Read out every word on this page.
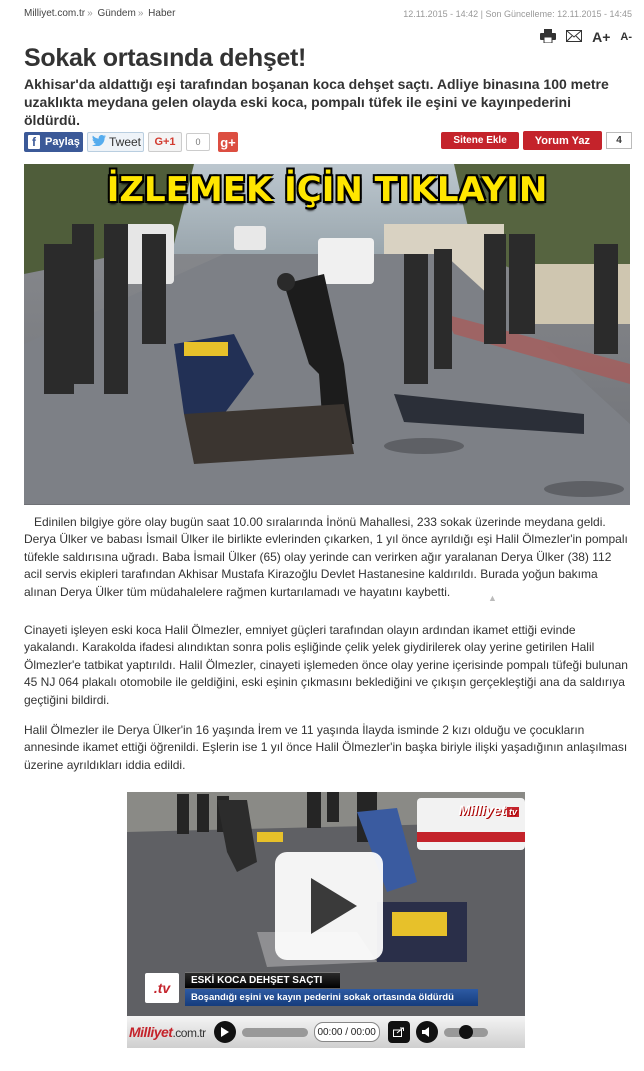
Milliyet.com.tr » Gündem » Haber	12.11.2015 - 14:42 | Son Güncelleme: 12.11.2015 - 14:45
A+ A-
Sokak ortasında dehşet!

Akhisar'da aldattığı eşi tarafından boşanan koca dehşet saçtı. Adliye binasına 100 metre uzaklıkta meydana gelen olayda eski koca, pompalı tüfek ile eşini ve kayınpederini öldürdü.

f Paylaş Tweet	G+1	0	g+	Sitene Ekle	Yorum Yaz	4
İZLEMEK İÇİN TIKLAYIN

Edinilen bilgiye göre olay bugün saat 10.00 sıralarında İnönü Mahallesi, 233 sokak üzerinde meydana geldi. Derya Ülker ve babası İsmail Ülker ile birlikte evlerinden çıkarken, 1 yıl önce ayrıldığı eşi Halil Ölmezler'in pompalı tüfekle saldırısına uğradı. Baba İsmail Ülker (65) olay yerinde can verirken ağır yaralanan Derya Ülker (38) 112 acil servis ekipleri tarafından Akhisar Mustafa Kirazoğlu Devlet Hastanesine kaldırıldı. Burada yoğun bakıma alınan Derya Ülker tüm müdahalelere rağmen kurtarılamadı ve hayatını kaybetti.	▲

Cinayeti işleyen eski koca Halil Ölmezler, emniyet güçleri tarafından olayın ardından ikamet ettiği evinde yakalandı. Karakolda ifadesi alındıktan sonra polis eşliğinde çelik yelek giydirilerek olay yerine getirilen Halil Ölmezler'e tatbikat yaptırıldı. Halil Ölmezler, cinayeti işlemeden önce olay yerine içerisinde pompalı tüfeği bulunan 45 NJ 064 plakalı otomobile ile geldiğini, eski eşinin çıkmasını beklediğini ve çıkışın gerçekleştiği ana da saldırıya geçtiğini bildirdi.

Halil Ölmezler ile Derya Ülker'in 16 yaşında İrem ve 11 yaşında İlayda isminde 2 kızı olduğu ve çocukların annesinde ikamet ettiği öğrenildi. Eşlerin ise 1 yıl önce Halil Ölmezler'in başka biriyle ilişki yaşadığının anlaşılması üzerine ayrıldıkları iddia edildi.

Milliyet tv
.tv	ESKİ KOCA DEHŞET SAÇTI
Boşandığı eşini ve kayın pederini sokak ortasında öldürdü
Milliyet.com.tr	00:00 / 00:00
